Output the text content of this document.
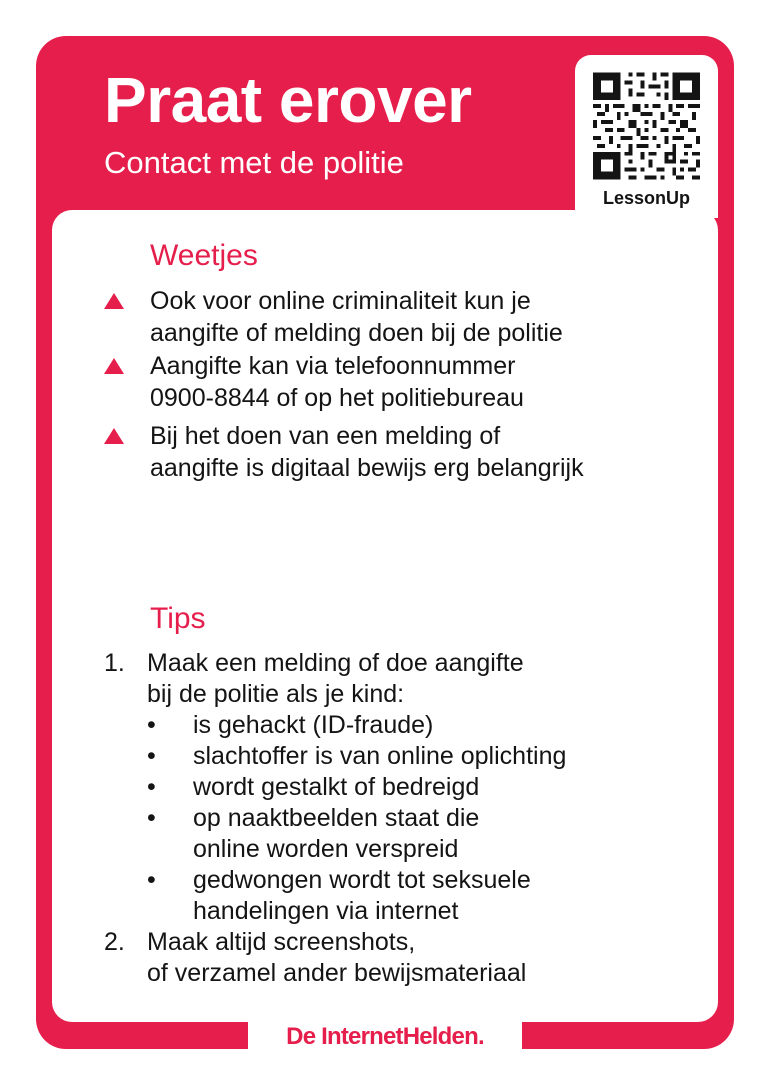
Praat erover

Contact met de politie

LessonUp
Weetjes

Ook voor online criminaliteit kun je
aangifte of melding doen bij de politie

Aangifte kan via telefoonnummer
0900-8844 of op het politiebureau

Bij het doen van een melding of
aangifte is digitaal bewijs erg belangrijk

Tips
1. Maak een melding of doe aangifte
bij de politie als je kind:
• is gehackt (ID-fraude)
• slachtoffer is van online oplichting
• wordt gestalkt of bedreigd
• op naaktbeelden staat die
online worden verspreid
• gedwongen wordt tot seksuele
handelingen via internet
2. Maak altijd screenshots,
of verzamel ander bewijsmateriaal
De InternetHelden.
